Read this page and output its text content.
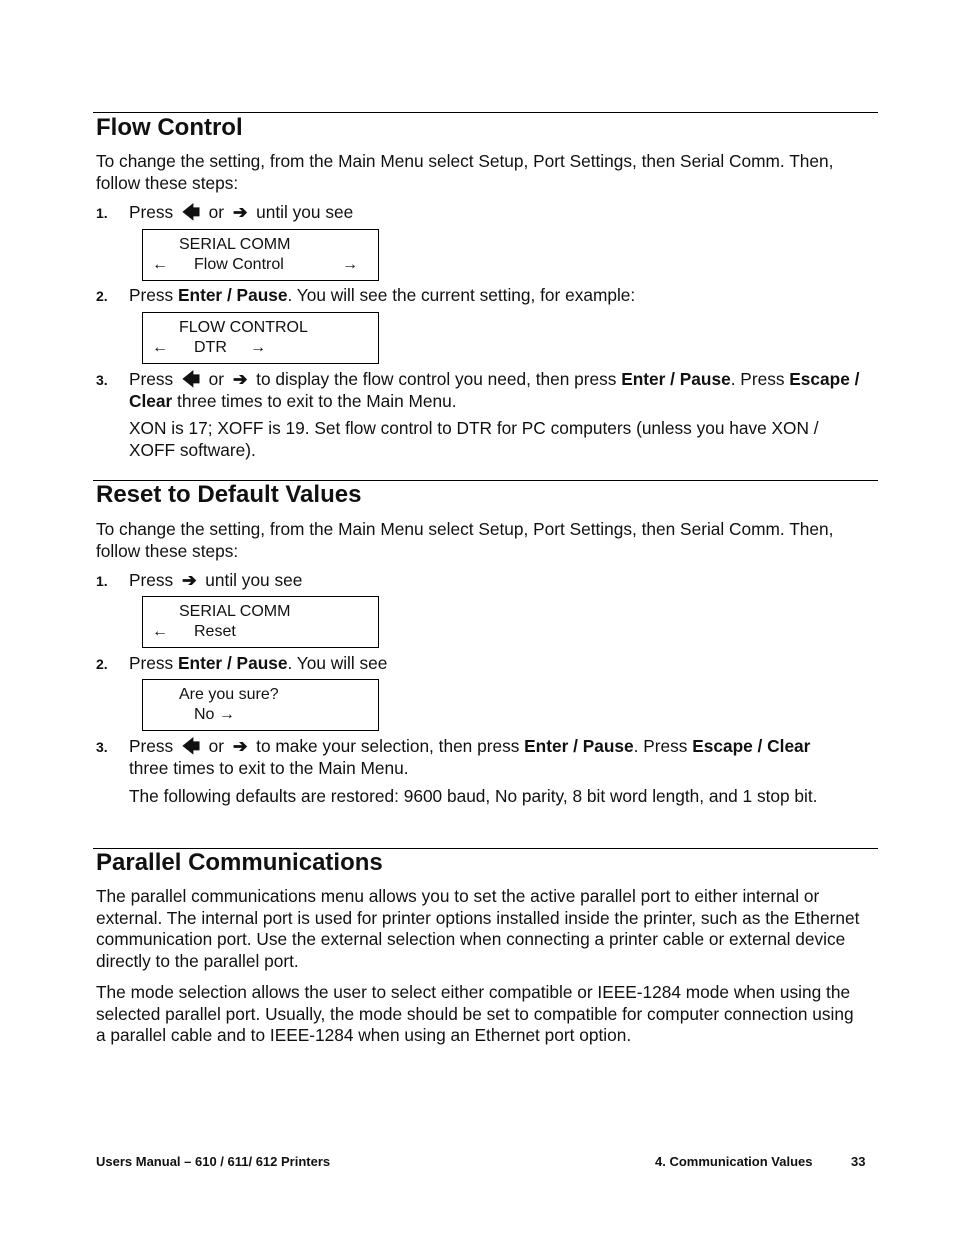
Flow Control

To change the setting, from the Main Menu select Setup, Port Settings, then Serial Comm. Then, follow these steps:

1. Press 🡄 or ➔ until you see

SERIAL COMM
← Flow Control	→
2. Press Enter / Pause. You will see the current setting, for example:

FLOW CONTROL
← DTR →
3. Press 🡄 or ➔ to display the flow control you need, then press Enter / Pause. Press Escape / Clear three times to exit to the Main Menu.

XON is 17; XOFF is 19. Set flow control to DTR for PC computers (unless you have XON / XOFF software).

Reset to Default Values

To change the setting, from the Main Menu select Setup, Port Settings, then Serial Comm. Then, follow these steps:

1. Press ➔ until you see

SERIAL COMM
← Reset
2. Press Enter / Pause. You will see

Are you sure?
No →
3. Press 🡄 or ➔ to make your selection, then press Enter / Pause. Press Escape / Clear three times to exit to the Main Menu.

The following defaults are restored: 9600 baud, No parity, 8 bit word length, and 1 stop bit.

Parallel Communications

The parallel communications menu allows you to set the active parallel port to either internal or external. The internal port is used for printer options installed inside the printer, such as the Ethernet communication port. Use the external selection when connecting a printer cable or external device directly to the parallel port.

The mode selection allows the user to select either compatible or IEEE-1284 mode when using the selected parallel port. Usually, the mode should be set to compatible for computer connection using a parallel cable and to IEEE-1284 when using an Ethernet port option.

Users Manual – 610 / 611/ 612 Printers	4. Communication Values	33
